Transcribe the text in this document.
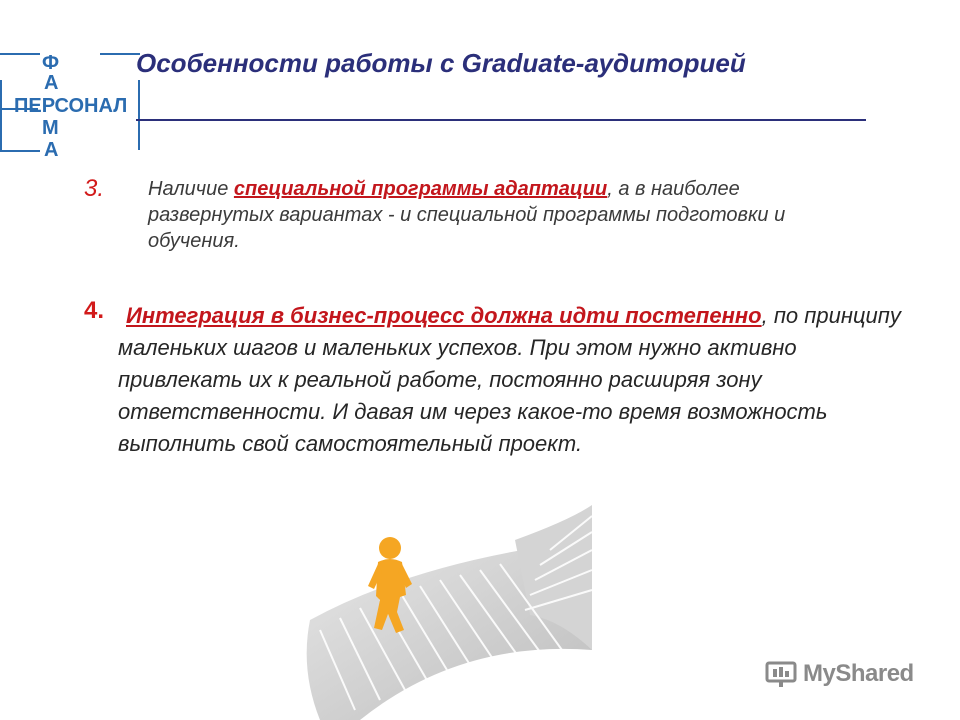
Ф
А
ПЕРСОНАЛ
М
А
Особенности работы с Graduate-аудиторией
3. Наличие специальной программы адаптации, а в наиболее развернутых вариантах - и специальной программы подготовки и обучения.
4. Интеграция в бизнес-процесс должна идти постепенно, по принципу маленьких шагов и маленьких успехов. При этом нужно активно привлекать их к реальной работе, постоянно расширяя зону ответственности. И давая им через какое-то время возможность выполнить свой самостоятельный проект.
MyShared
